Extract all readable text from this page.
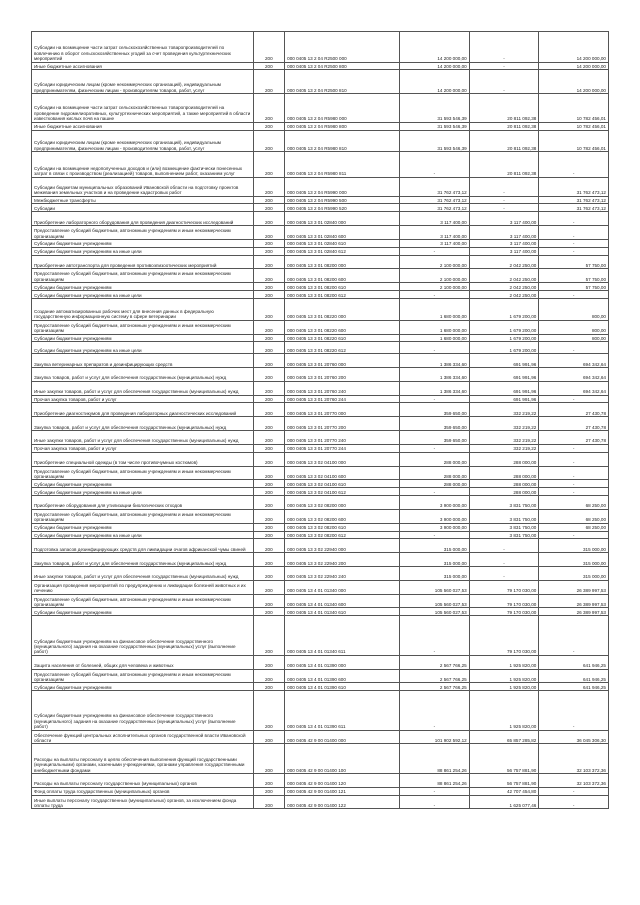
Субсидии на возмещение части затрат сельскохозяйственных товаропроизводителей по вовлечению в оборот сельскохозяйственных угодий за счет проведения культуртехнических мероприятий	200	000 0405 13 2 04 R2500 000	14 200 000,00	-	14 200 000,00
Иные бюджетные ассигнования	200	000 0405 13 2 04 R2500 800	14 200 000,00	-	14 200 000,00
Субсидии юридическим лицам (кроме некоммерческих организаций), индивидуальным предпринимателям, физическим лицам - производителям товаров, работ, услуг	200	000 0405 13 2 04 R2500 810	14 200 000,00	-	14 200 000,00
Субсидии на возмещение части затрат сельскохозяйственных товаропроизводителей на проведение гидромелиоративных, культуртехнических мероприятий, а также мероприятий в области известкования кислых почв на пашне	200	000 0405 13 2 04 R5980 000	31 593 546,39	20 811 092,38	10 782 456,01
Иные бюджетные ассигнования	200	000 0405 13 2 04 R5980 800	31 593 546,39	20 811 092,38	10 782 456,01
Субсидии юридическим лицам (кроме некоммерческих организаций), индивидуальным предпринимателям, физическим лицам - производителям товаров, работ, услуг	200	000 0405 13 2 04 R5980 810	31 593 546,39	20 811 092,38	10 782 456,01
Субсидии на возмещение недополученных доходов и (или) возмещение фактически понесенных затрат в связи с производством (реализацией) товаров, выполнением работ, оказанием услуг	200	000 0405 13 2 04 R5980 811	-	20 811 092,38	-
Субсидии бюджетам муниципальных образований Ивановской области на подготовку проектов межевания земельных участков и на проведение кадастровых работ	200	000 0405 13 2 04 R5990 000	31 762 473,12	-	31 762 473,12
Межбюджетные трансферты	200	000 0405 13 2 04 R5990 500	31 762 473,12	-	31 762 473,12
Субсидии	200	000 0405 13 2 04 R5990 520	31 762 473,12	-	31 762 473,12
Приобретение лабораторного оборудования для проведения диагностических исследований	200	000 0405 13 3 01 02840 000	3 117 400,00	3 117 400,00	-
Предоставление субсидий бюджетным, автономным учреждениям и иным некоммерческим организациям	200	000 0405 13 3 01 02840 600	3 117 400,00	3 117 400,00	-
Субсидии бюджетным учреждениям	200	000 0405 13 3 01 02840 610	3 117 400,00	3 117 400,00	-
Субсидии бюджетным учреждениям на иные цели	200	000 0405 13 3 01 02840 612	-	3 117 400,00	-
Приобретение автотранспорта для проведения противоэпизоотических мероприятий	200	000 0405 13 3 01 08200 000	2 100 000,00	2 042 250,00	57 750,00
Предоставление субсидий бюджетным, автономным учреждениям и иным некоммерческим организациям	200	000 0405 13 3 01 08200 600	2 100 000,00	2 042 250,00	57 750,00
Субсидии бюджетным учреждениям	200	000 0405 13 3 01 08200 610	2 100 000,00	2 042 250,00	57 750,00
Субсидии бюджетным учреждениям на иные цели	200	000 0405 13 3 01 08200 612	-	2 042 250,00	-
Создание автоматизированных рабочих мест для внесения данных в федеральную государственную информационную систему в сфере ветеринарии	200	000 0405 13 3 01 08220 000	1 680 000,00	1 679 200,00	800,00
Предоставление субсидий бюджетным, автономным учреждениям и иным некоммерческим организациям	200	000 0405 13 3 01 08220 600	1 680 000,00	1 679 200,00	800,00
Субсидии бюджетным учреждениям	200	000 0405 13 3 01 08220 610	1 680 000,00	1 679 200,00	800,00
Субсидии бюджетным учреждениям на иные цели	200	000 0405 13 3 01 08220 612	-	1 679 200,00	-
Закупка ветеринарных препаратов и дезинфицирующих средств	200	000 0405 13 3 01 20760 000	1 386 334,60	691 991,96	694 342,64
Закупка товаров, работ и услуг для обеспечения государственных (муниципальных) нужд	200	000 0405 13 3 01 20760 200	1 386 334,60	691 991,96	694 342,64
Иные закупки товаров, работ и услуг для обеспечения государственных (муниципальных) нужд	200	000 0405 13 3 01 20760 240	1 386 334,60	691 991,96	694 342,64
Прочая закупка товаров, работ и услуг	200	000 0405 13 3 01 20760 244	-	691 991,96	-
Приобретение диагностикумов для проведения лабораторных диагностических исследований	200	000 0405 13 3 01 20770 000	359 650,00	332 219,22	27 430,78
Закупка товаров, работ и услуг для обеспечения государственных (муниципальных) нужд	200	000 0405 13 3 01 20770 200	359 650,00	332 219,22	27 430,78
Иные закупки товаров, работ и услуг для обеспечения государственных (муниципальных) нужд	200	000 0405 13 3 01 20770 240	359 650,00	332 219,22	27 430,78
Прочая закупка товаров, работ и услуг	200	000 0405 13 3 01 20770 244	-	332 219,22	-
Приобретение специальной одежды (в том числе противочумных костюмов)	200	000 0405 13 3 02 04100 000	288 000,00	288 000,00	-
Предоставление субсидий бюджетным, автономным учреждениям и иным некоммерческим организациям	200	000 0405 13 3 02 04100 600	288 000,00	288 000,00	-
Субсидии бюджетным учреждениям	200	000 0405 13 3 02 04100 610	288 000,00	288 000,00	-
Субсидии бюджетным учреждениям на иные цели	200	000 0405 13 3 02 04100 612	-	288 000,00	-
Приобретение оборудования для утилизации биологических отходов	200	000 0405 13 3 02 08200 000	3 900 000,00	3 831 750,00	68 250,00
Предоставление субсидий бюджетным, автономным учреждениям и иным некоммерческим организациям	200	000 0405 13 3 02 08200 600	3 900 000,00	3 831 750,00	68 250,00
Субсидии бюджетным учреждениям	200	000 0405 13 3 02 08200 610	3 900 000,00	3 831 750,00	68 250,00
Субсидии бюджетным учреждениям на иные цели	200	000 0405 13 3 02 08200 612	-	3 831 750,00	-
Подготовка запасов дезинфицирующих средств для ликвидации очагов африканской чумы свиней	200	000 0405 13 3 02 22940 000	315 000,00	-	315 000,00
Закупка товаров, работ и услуг для обеспечения государственных (муниципальных) нужд	200	000 0405 13 3 02 22940 200	315 000,00	-	315 000,00
Иные закупки товаров, работ и услуг для обеспечения государственных (муниципальных) нужд	200	000 0405 13 3 02 22940 240	315 000,00	-	315 000,00
Организация проведения мероприятий по предупреждению и ликвидации болезней животных и их лечению	200	000 0405 13 4 01 01340 000	105 560 027,53	79 170 030,00	26 389 997,53
Предоставление субсидий бюджетным, автономным учреждениям и иным некоммерческим организациям	200	000 0405 13 4 01 01340 600	105 560 027,53	79 170 030,00	26 389 997,53
Субсидии бюджетным учреждениям	200	000 0405 13 4 01 01340 610	105 560 027,53	79 170 030,00	26 389 997,53
Субсидии бюджетным учреждениям на финансовое обеспечение государственного (муниципального) задания на оказание государственных (муниципальных) услуг (выполнение работ)	200	000 0405 13 4 01 01340 611	-	79 170 030,00	-
Защита населения от болезней, общих для человека и животных	200	000 0405 13 4 01 01390 000	2 567 766,25	1 925 820,00	641 946,25
Предоставление субсидий бюджетным, автономным учреждениям и иным некоммерческим организациям	200	000 0405 13 4 01 01390 600	2 567 766,25	1 925 820,00	641 946,25
Субсидии бюджетным учреждениям	200	000 0405 13 4 01 01390 610	2 567 766,25	1 925 820,00	641 946,25
Субсидии бюджетным учреждениям на финансовое обеспечение государственного (муниципального) задания на оказание государственных (муниципальных) услуг (выполнение работ)	200	000 0405 13 4 01 01390 611	-	1 925 820,00	-
Обеспечение функций центральных исполнительных органов государственной власти Ивановской области	200	000 0405 42 9 00 01400 000	101 902 592,12	65 857 285,82	36 045 306,30
Расходы на выплаты персоналу в целях обеспечения выполнения функций государственными (муниципальными) органами, казенными учреждениями, органами управления государственными внебюджетными фондами	200	000 0405 42 9 00 01400 100	88 861 254,26	56 757 881,90	32 103 372,36
Расходы на выплаты персоналу государственных (муниципальных) органов	200	000 0405 42 9 00 01400 120	88 861 254,26	56 757 881,90	32 103 372,36
Фонд оплаты труда государственных (муниципальных) органов	200	000 0405 42 9 00 01400 121	-	42 707 454,80	-
Иные выплаты персоналу государственных (муниципальных) органов, за исключением фонда оплаты труда	200	000 0405 42 9 00 01400 122	-	1 625 077,46	-
